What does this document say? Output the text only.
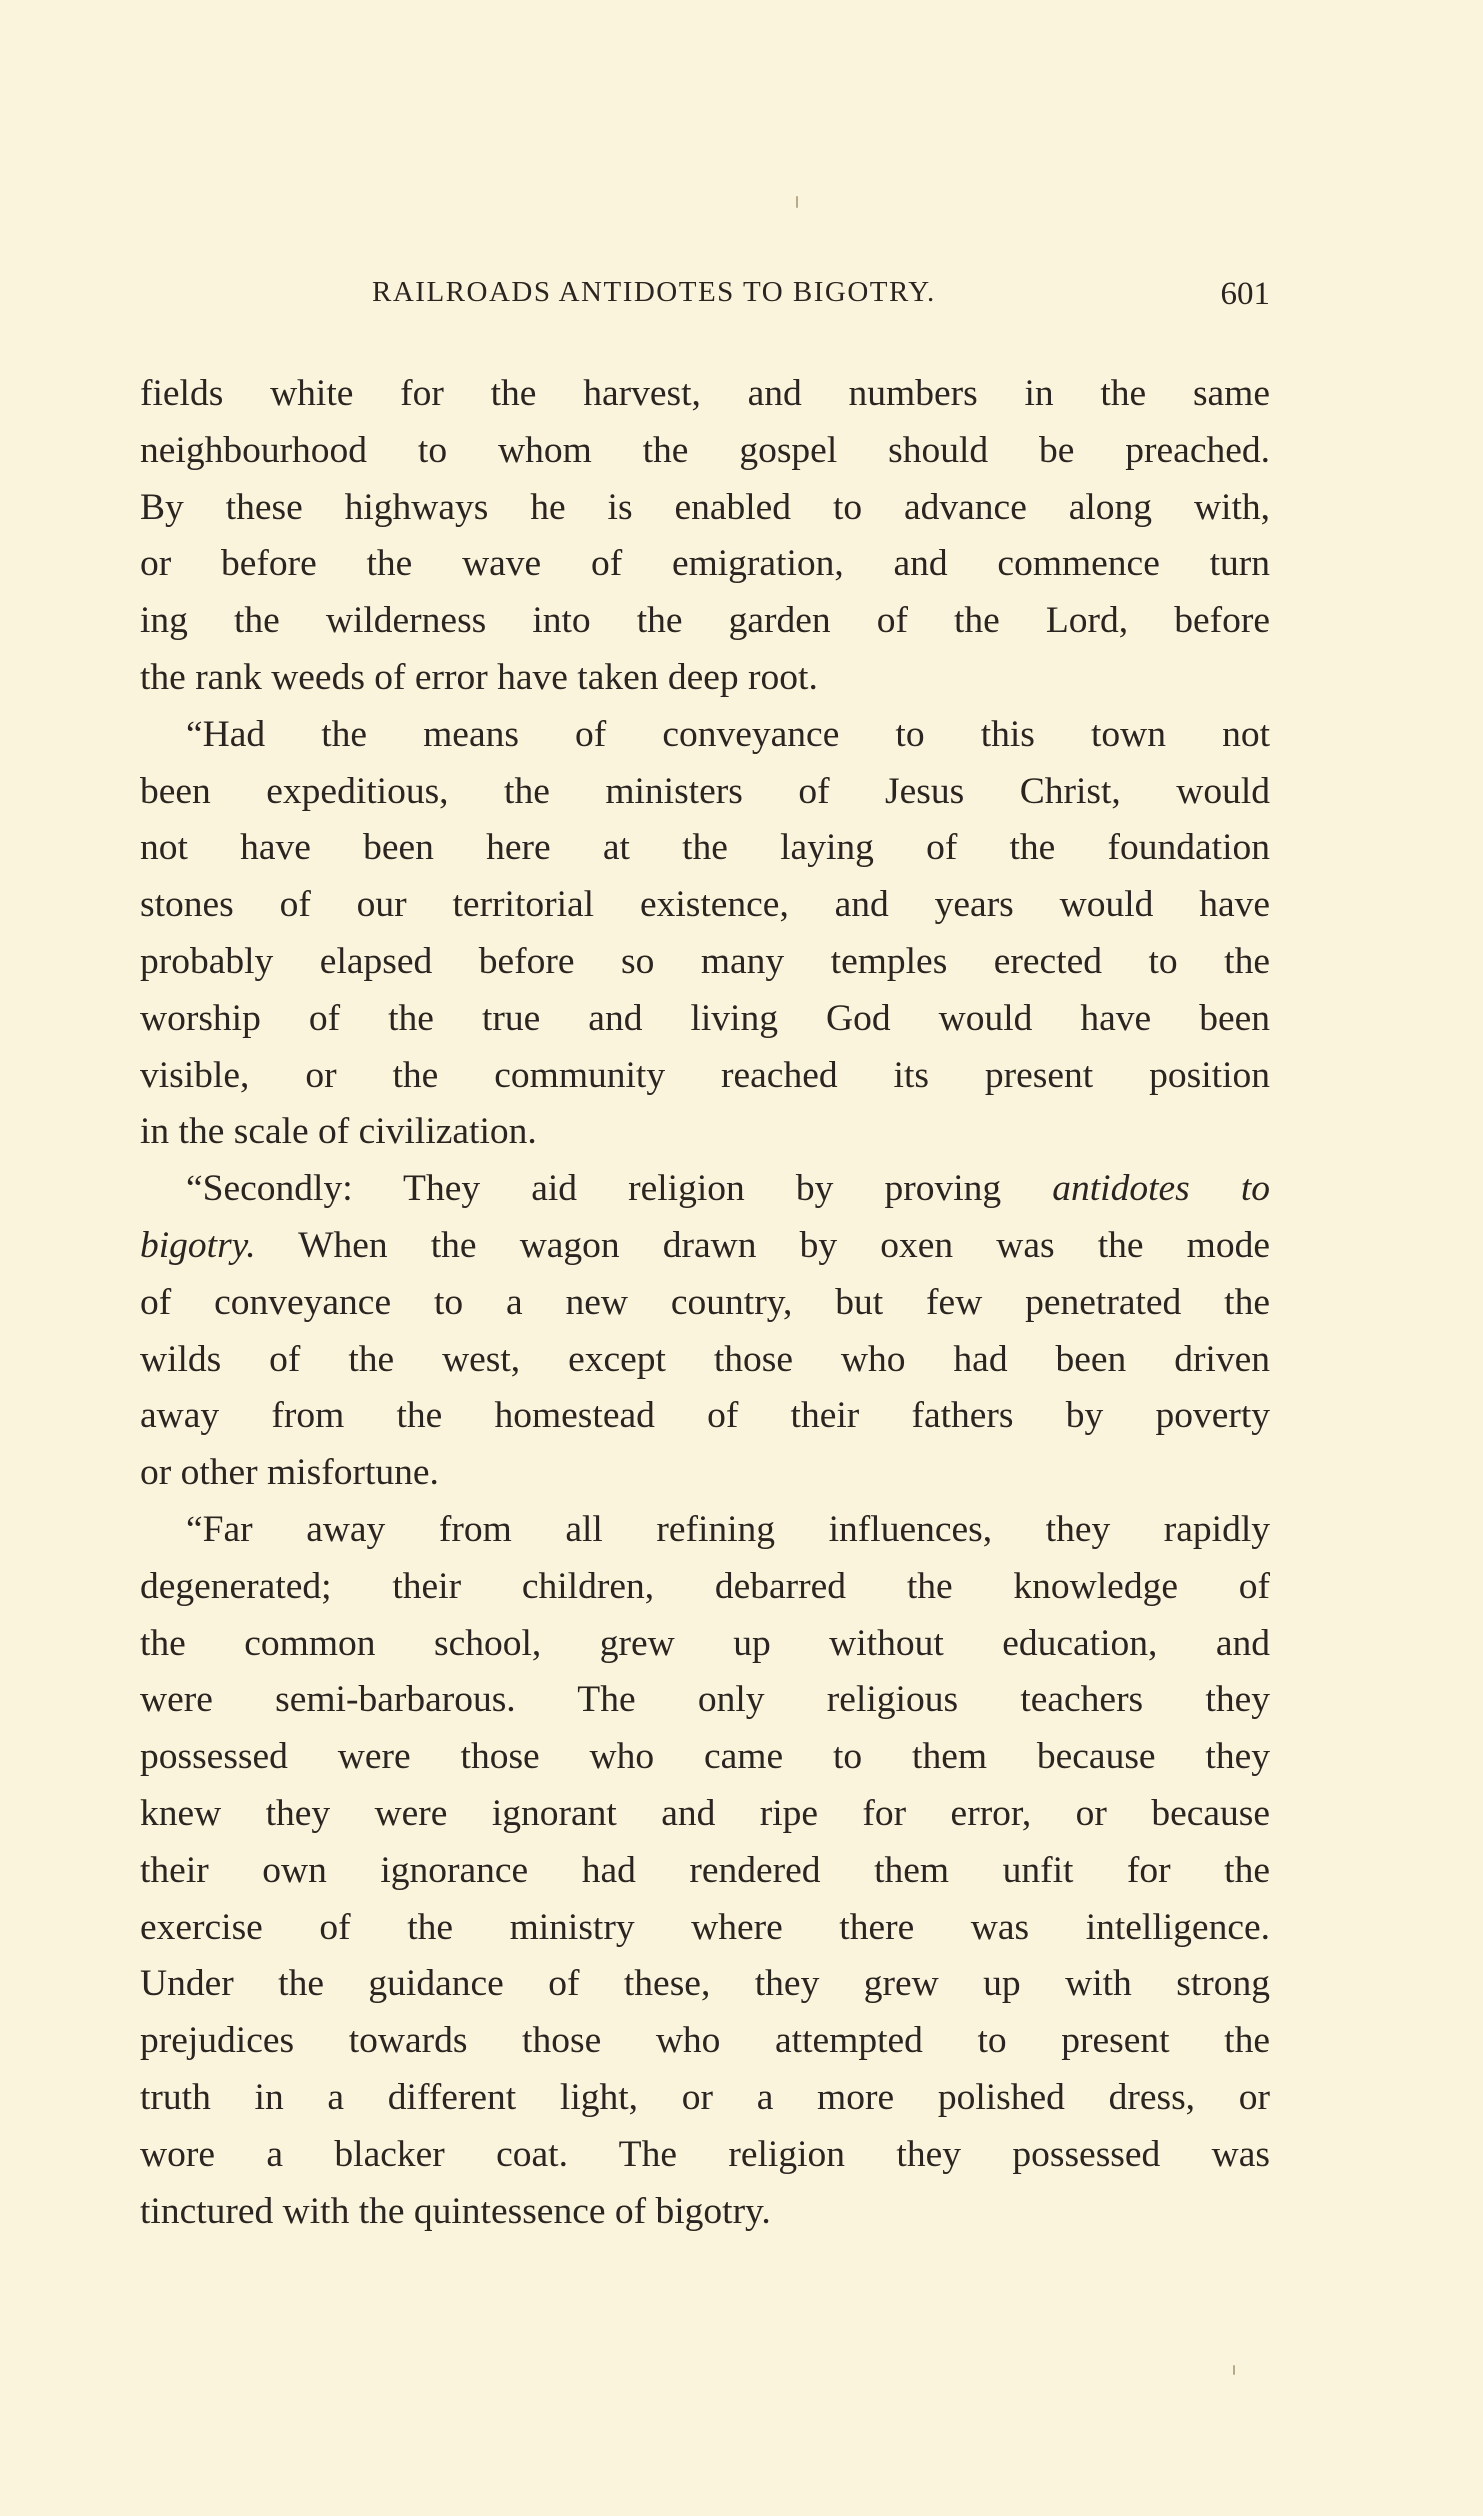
RAILROADS ANTIDOTES TO BIGOTRY.	601
fields white for the harvest, and numbers in the same
neighbourhood to whom the gospel should be preached.
By these highways he is enabled to advance along with,
or before the wave of emigration, and commence turn
ing the wilderness into the garden of the Lord, before
the rank weeds of error have taken deep root.
“Had the means of conveyance to this town not
been expeditious, the ministers of Jesus Christ, would
not have been here at the laying of the foundation
stones of our territorial existence, and years would have
probably elapsed before so many temples erected to the
worship of the true and living God would have been
visible, or the community reached its present position
in the scale of civilization.
“Secondly: They aid religion by proving antidotes to
bigotry. When the wagon drawn by oxen was the mode
of conveyance to a new country, but few penetrated the
wilds of the west, except those who had been driven
away from the homestead of their fathers by poverty
or other misfortune.
“Far away from all refining influences, they rapidly
degenerated; their children, debarred the knowledge of
the common school, grew up without education, and
were semi-barbarous. The only religious teachers they
possessed were those who came to them because they
knew they were ignorant and ripe for error, or because
their own ignorance had rendered them unfit for the
exercise of the ministry where there was intelligence.
Under the guidance of these, they grew up with strong
prejudices towards those who attempted to present the
truth in a different light, or a more polished dress, or
wore a blacker coat. The religion they possessed was
tinctured with the quintessence of bigotry.
